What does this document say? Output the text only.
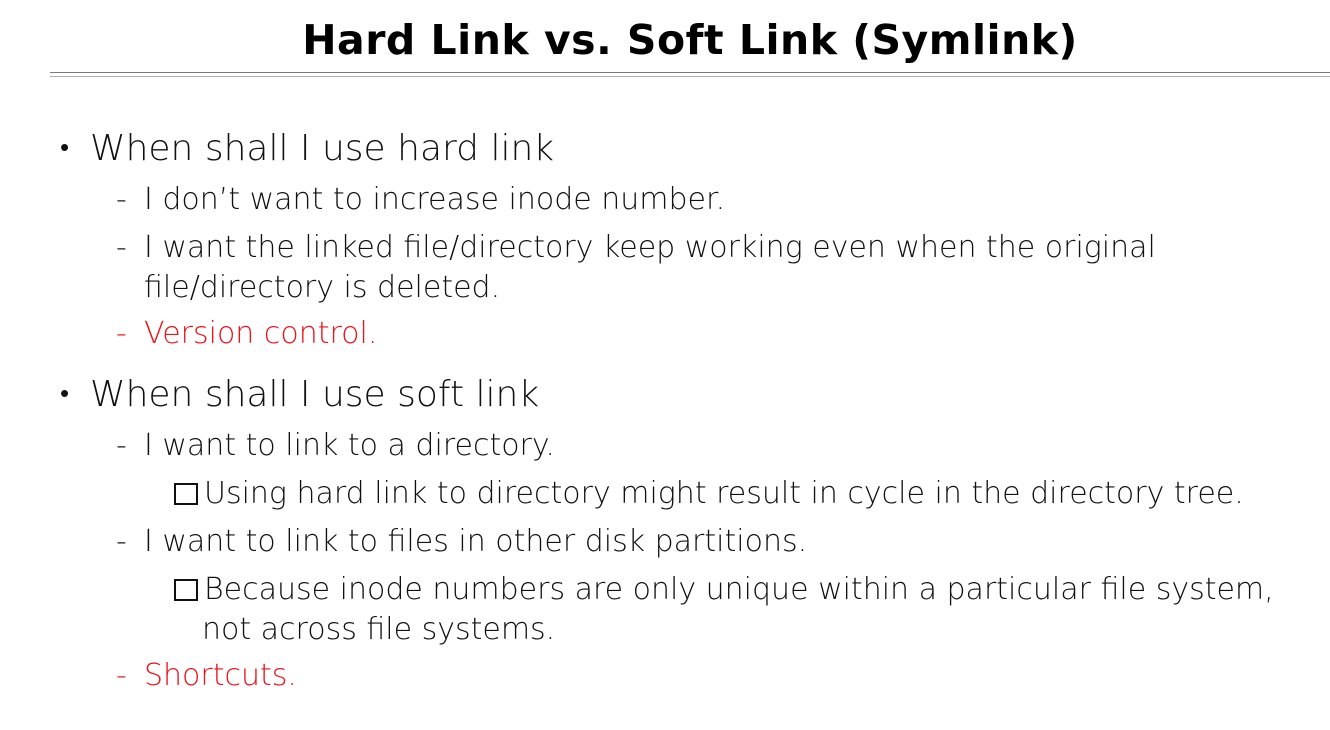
Hard Link vs. Soft Link (Symlink)
• When shall I use hard link
- I don’t want to increase inode number.
- I want the linked file/directory keep working even when the original
file/directory is deleted.
- Version control.
• When shall I use soft link
- I want to link to a directory.
Using hard link to directory might result in cycle in the directory tree.
- I want to link to files in other disk partitions.
Because inode numbers are only unique within a particular file system,
not across file systems.
- Shortcuts.
